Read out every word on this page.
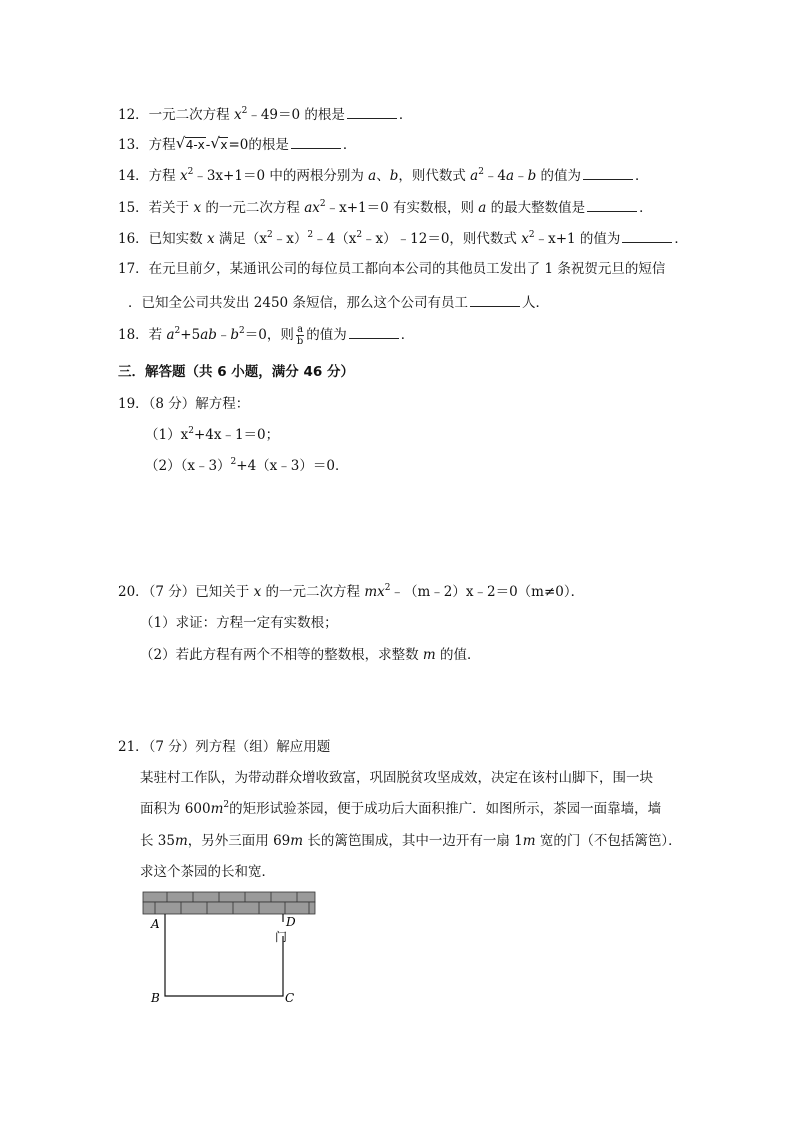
12．一元二次方程 $x^2﹣49=0$ 的根是	．
13．方程 √ 4-x- √ x=0的根是	．
14．方程 $x^2﹣3x+1=0$ 中的两根分别为 a、b，则代数式 $a^2﹣4a﹣b$ 的值为	．
15．若关于 x 的一元二次方程 $ax^2﹣x+1=0$ 有实数根，则 a 的最大整数值是	．
16．已知实数 x 满足$(x^2﹣x)^2﹣4(x^2﹣x)﹣12=0$，则代数式 $x^2﹣x+1$ 的值为	．
17．在元旦前夕，某通讯公司的每位员工都向本公司的其他员工发出了 1 条祝贺元旦的短信
．已知全公司共发出 2450 条短信，那么这个公司有员工	人．
18．若 $a^2+5ab﹣b^2=0$，则 $\frac{a}{b}$ 的值为	．
三．解答题（共 6 小题，满分 46 分）
19．（8 分）解方程：
$(1)x^2+4x﹣1=0$；
（2）（x﹣3）$^2$+4（x﹣3）＝0．
20．（7 分）已知关于 x 的一元二次方程 $mx^2﹣(m﹣2)x﹣2=0(m\ne 0)$．
（1）求证：方程一定有实数根；
（2）若此方程有两个不相等的整数根，求整数 m 的值．
21．（7 分）列方程（组）解应用题
某驻村工作队，为带动群众增收致富，巩固脱贫攻坚成效，决定在该村山脚下，围一块
面积为 $600m^2$的矩形试验茶园，便于成功后大面积推广．如图所示，茶园一面靠墙，墙
长 35m，另外三面用 69m 长的篱笆围成，其中一边开有一扇 1m 宽的门（不包括篱笆）．
求这个茶园的长和宽．
A
B	C
D
门
